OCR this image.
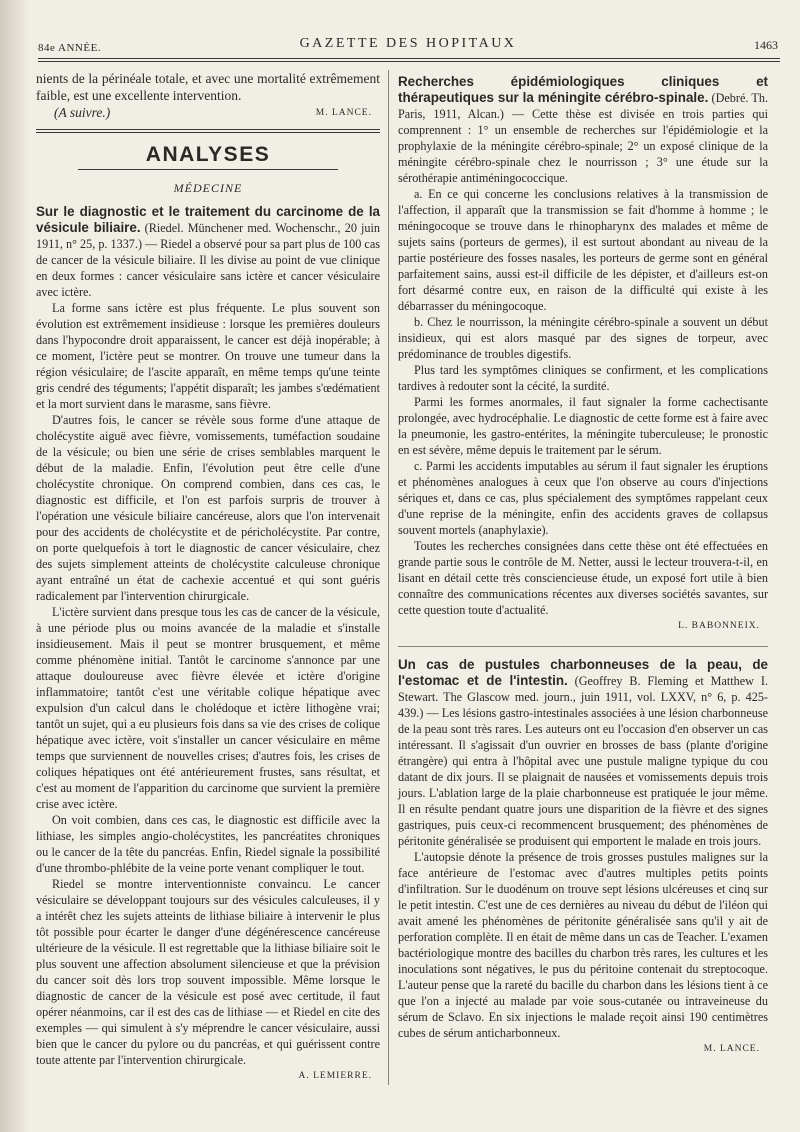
84e ANNÉE.	GAZETTE DES HOPITAUX	1463

nients de la périnéale totale, et avec une mortalité extrêmement faible, est une excellente intervention.

(A suivre.)	M. LANCE.
ANALYSES
MÉDECINE

Sur le diagnostic et le traitement du carcinome de la vésicule biliaire. (Riedel. Münchener med. Wochenschr., 20 juin 1911, n° 25, p. 1337.) — Riedel a observé pour sa part plus de 100 cas de cancer de la vésicule biliaire. Il les divise au point de vue clinique en deux formes : cancer vésiculaire sans ictère et cancer vésiculaire avec ictère.

La forme sans ictère est plus fréquente. Le plus souvent son évolution est extrêmement insidieuse : lorsque les premières douleurs dans l'hypocondre droit apparaissent, le cancer est déjà inopérable; à ce moment, l'ictère peut se montrer. On trouve une tumeur dans la région vésiculaire; de l'ascite apparaît, en même temps qu'une teinte gris cendré des téguments; l'appétit disparaît; les jambes s'œdématient et la mort survient dans le marasme, sans fièvre.

D'autres fois, le cancer se révèle sous forme d'une attaque de cholécystite aiguë avec fièvre, vomissements, tuméfaction soudaine de la vésicule; ou bien une série de crises semblables marquent le début de la maladie. Enfin, l'évolution peut être celle d'une cholécystite chronique. On comprend combien, dans ces cas, le diagnostic est difficile, et l'on est parfois surpris de trouver à l'opération une vésicule biliaire cancéreuse, alors que l'on intervenait pour des accidents de cholécystite et de péricholécystite. Par contre, on porte quelquefois à tort le diagnostic de cancer vésiculaire, chez des sujets simplement atteints de cholécystite calculeuse chronique ayant entraîné un état de cachexie accentué et qui sont guéris radicalement par l'intervention chirurgicale.

L'ictère survient dans presque tous les cas de cancer de la vésicule, à une période plus ou moins avancée de la maladie et s'installe insidieusement. Mais il peut se montrer brusquement, et même comme phénomène initial. Tantôt le carcinome s'annonce par une attaque douloureuse avec fièvre élevée et ictère d'origine inflammatoire; tantôt c'est une véritable colique hépatique avec expulsion d'un calcul dans le cholédoque et ictère lithogène vrai; tantôt un sujet, qui a eu plusieurs fois dans sa vie des crises de colique hépatique avec ictère, voit s'installer un cancer vésiculaire en même temps que surviennent de nouvelles crises; d'autres fois, les crises de coliques hépatiques ont été antérieurement frustes, sans résultat, et c'est au moment de l'apparition du carcinome que survient la première crise avec ictère.

On voit combien, dans ces cas, le diagnostic est difficile avec la lithiase, les simples angio-cholécystites, les pancréatites chroniques ou le cancer de la tête du pancréas. Enfin, Riedel signale la possibilité d'une thrombo-phlébite de la veine porte venant compliquer le tout.

Riedel se montre interventionniste convaincu. Le cancer vésiculaire se développant toujours sur des vésicules calculeuses, il y a intérêt chez les sujets atteints de lithiase biliaire à intervenir le plus tôt possible pour écarter le danger d'une dégénérescence cancéreuse ultérieure de la vésicule. Il est regrettable que la lithiase biliaire soit le plus souvent une affection absolument silencieuse et que la prévision du cancer soit dès lors trop souvent impossible. Même lorsque le diagnostic de cancer de la vésicule est posé avec certitude, il faut opérer néanmoins, car il est des cas de lithiase — et Riedel en cite des exemples — qui simulent à s'y méprendre le cancer vésiculaire, aussi bien que le cancer du pylore ou du pancréas, et qui guérissent contre toute attente par l'intervention chirurgicale.

A. LEMIERRE.

Recherches épidémiologiques cliniques et thérapeutiques sur la méningite cérébro-spinale. (Debré. Th. Paris, 1911, Alcan.) — Cette thèse est divisée en trois parties qui comprennent : 1° un ensemble de recherches sur l'épidémiologie et la prophylaxie de la méningite cérébro-spinale; 2° un exposé clinique de la méningite cérébro-spinale chez le nourrisson ; 3° une étude sur la sérothérapie antiméningococcique.

a. En ce qui concerne les conclusions relatives à la transmission de l'affection, il apparaît que la transmission se fait d'homme à homme ; le méningocoque se trouve dans le rhinopharynx des malades et même de sujets sains (porteurs de germes), il est surtout abondant au niveau de la partie postérieure des fosses nasales, les porteurs de germe sont en général parfaitement sains, aussi est-il difficile de les dépister, et d'ailleurs est-on fort désarmé contre eux, en raison de la difficulté qui existe à les débarrasser du méningocoque.

b. Chez le nourrisson, la méningite cérébro-spinale a souvent un début insidieux, qui est alors masqué par des signes de torpeur, avec prédominance de troubles digestifs.

Plus tard les symptômes cliniques se confirment, et les complications tardives à redouter sont la cécité, la surdité.

Parmi les formes anormales, il faut signaler la forme cachectisante prolongée, avec hydrocéphalie. Le diagnostic de cette forme est à faire avec la pneumonie, les gastro-entérites, la méningite tuberculeuse; le pronostic en est sévère, même depuis le traitement par le sérum.

c. Parmi les accidents imputables au sérum il faut signaler les éruptions et phénomènes analogues à ceux que l'on observe au cours d'injections sériques et, dans ce cas, plus spécialement des symptômes rappelant ceux d'une reprise de la méningite, enfin des accidents graves de collapsus souvent mortels (anaphylaxie).

Toutes les recherches consignées dans cette thèse ont été effectuées en grande partie sous le contrôle de M. Netter, aussi le lecteur trouvera-t-il, en lisant en détail cette très consciencieuse étude, un exposé fort utile à bien connaître des communications récentes aux diverses sociétés savantes, sur cette question toute d'actualité.

L. BABONNEIX.

Un cas de pustules charbonneuses de la peau, de l'estomac et de l'intestin. (Geoffrey B. Fleming et Matthew I. Stewart. The Glascow med. journ., juin 1911, vol. LXXV, n° 6, p. 425-439.) — Les lésions gastro-intestinales associées à une lésion charbonneuse de la peau sont très rares. Les auteurs ont eu l'occasion d'en observer un cas intéressant. Il s'agissait d'un ouvrier en brosses de bass (plante d'origine étrangère) qui entra à l'hôpital avec une pustule maligne typique du cou datant de dix jours. Il se plaignait de nausées et vomissements depuis trois jours. L'ablation large de la plaie charbonneuse est pratiquée le jour même. Il en résulte pendant quatre jours une disparition de la fièvre et des signes gastriques, puis ceux-ci recommencent brusquement; des phénomènes de péritonite généralisée se produisent qui emportent le malade en trois jours.

L'autopsie dénote la présence de trois grosses pustules malignes sur la face antérieure de l'estomac avec d'autres multiples petits points d'infiltration. Sur le duodénum on trouve sept lésions ulcéreuses et cinq sur le petit intestin. C'est une de ces dernières au niveau du début de l'iléon qui avait amené les phénomènes de péritonite généralisée sans qu'il y ait de perforation complète. Il en était de même dans un cas de Teacher. L'examen bactériologique montre des bacilles du charbon très rares, les cultures et les inoculations sont négatives, le pus du péritoine contenait du streptocoque. L'auteur pense que la rareté du bacille du charbon dans les lésions tient à ce que l'on a injecté au malade par voie sous-cutanée ou intraveineuse du sérum de Sclavo. En six injections le malade reçoit ainsi 190 centimètres cubes de sérum anticharbonneux.

M. LANCE.
